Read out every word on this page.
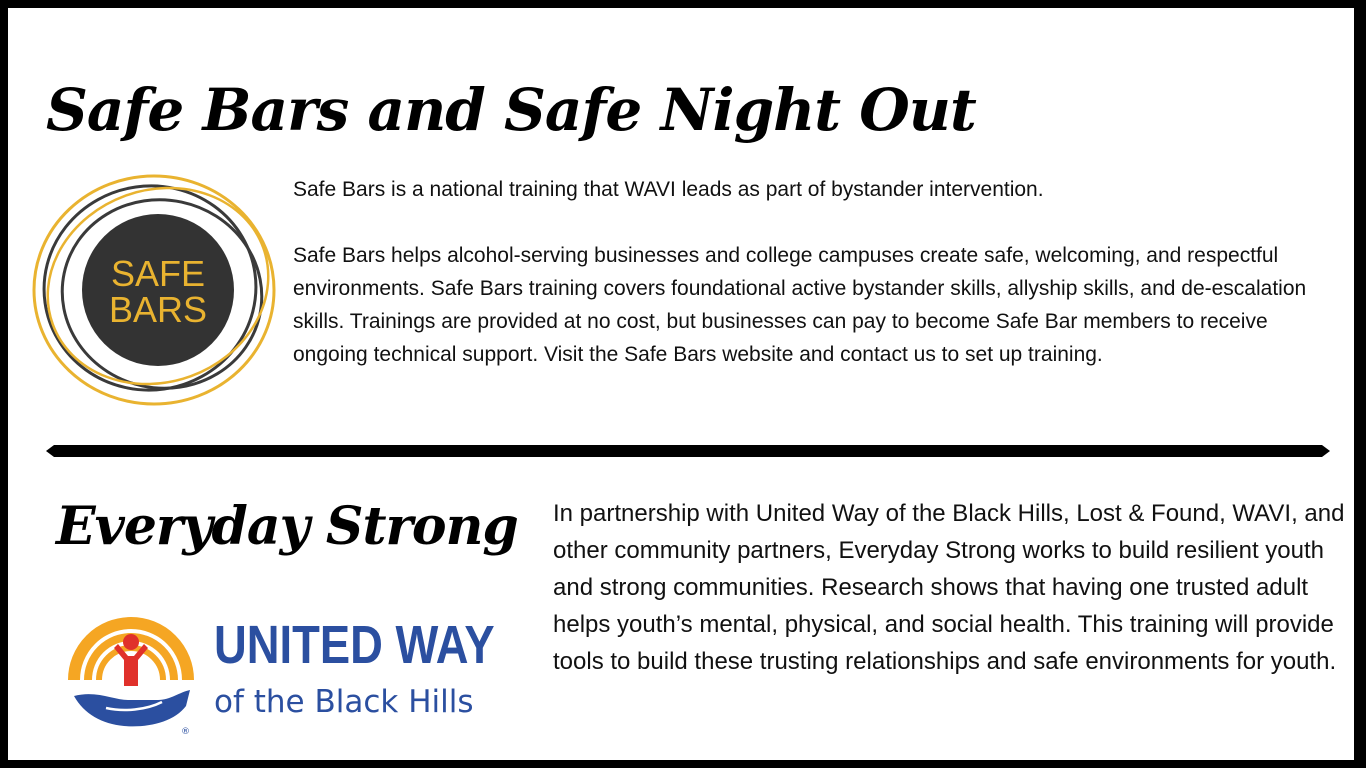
Safe Bars and Safe Night Out
SAFE
BARS

Safe Bars is a national training that WAVI leads as part of bystander intervention.

Safe Bars helps alcohol-serving businesses and college campuses create safe, welcoming, and respectful environments. Safe Bars training covers foundational active bystander skills, allyship skills, and de-escalation skills. Trainings are provided at no cost, but businesses can pay to become Safe Bar members to receive ongoing technical support. Visit the Safe Bars website and contact us to set up training.

Everyday Strong
®
UNITED WAY
of the Black Hills

In partnership with United Way of the Black Hills, Lost & Found, WAVI, and other community partners, Everyday Strong works to build resilient youth and strong communities. Research shows that having one trusted adult helps youth’s mental, physical, and social health. This training will provide tools to build these trusting relationships and safe environments for youth.
